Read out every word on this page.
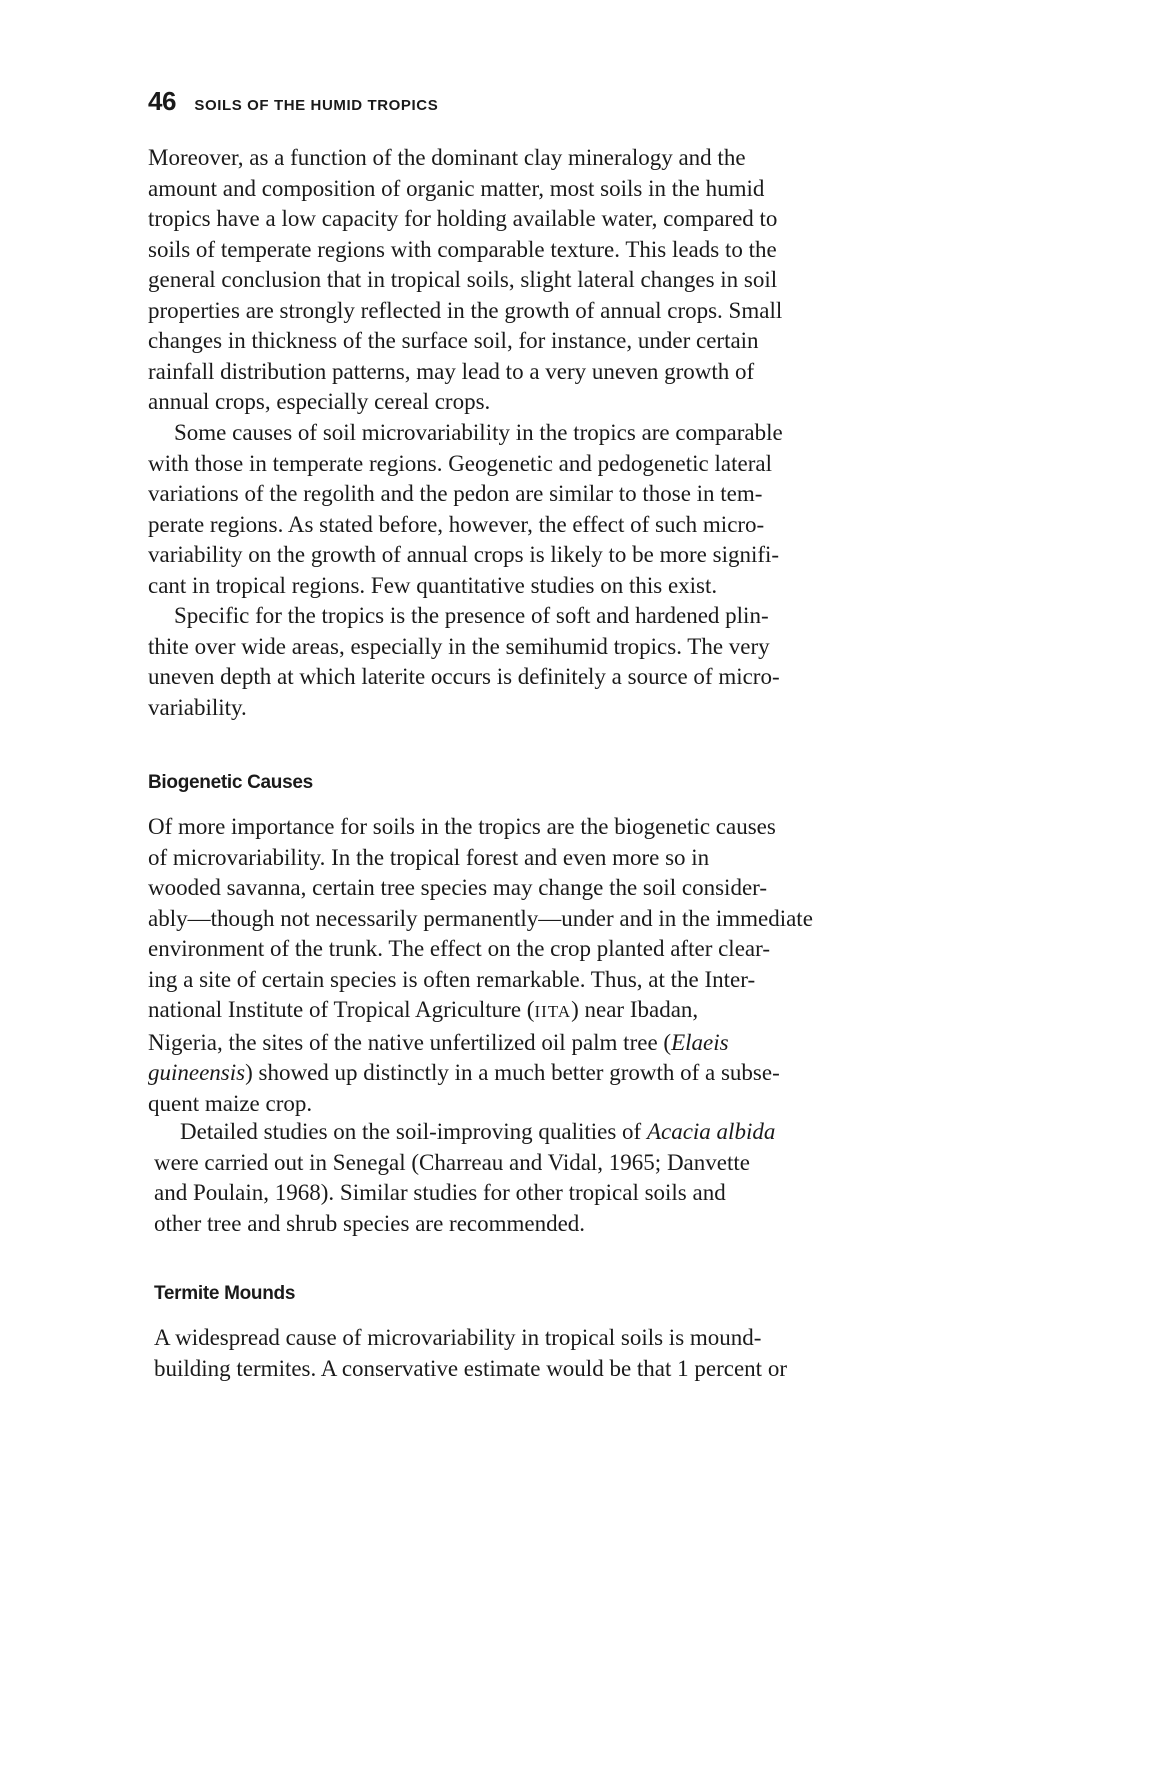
46 SOILS OF THE HUMID TROPICS
Moreover, as a function of the dominant clay mineralogy and the
amount and composition of organic matter, most soils in the humid
tropics have a low capacity for holding available water, compared to
soils of temperate regions with comparable texture. This leads to the
general conclusion that in tropical soils, slight lateral changes in soil
properties are strongly reflected in the growth of annual crops. Small
changes in thickness of the surface soil, for instance, under certain
rainfall distribution patterns, may lead to a very uneven growth of
annual crops, especially cereal crops.
Some causes of soil microvariability in the tropics are comparable
with those in temperate regions. Geogenetic and pedogenetic lateral
variations of the regolith and the pedon are similar to those in tem-
perate regions. As stated before, however, the effect of such micro-
variability on the growth of annual crops is likely to be more signifi-
cant in tropical regions. Few quantitative studies on this exist.
Specific for the tropics is the presence of soft and hardened plin-
thite over wide areas, especially in the semihumid tropics. The very
uneven depth at which laterite occurs is definitely a source of micro-
variability.
Biogenetic Causes
Of more importance for soils in the tropics are the biogenetic causes
of microvariability. In the tropical forest and even more so in
wooded savanna, certain tree species may change the soil consider-
ably—though not necessarily permanently—under and in the immediate
environment of the trunk. The effect on the crop planted after clear-
ing a site of certain species is often remarkable. Thus, at the Inter-
national Institute of Tropical Agriculture (IITA) near Ibadan,
Nigeria, the sites of the native unfertilized oil palm tree (Elaeis
guineensis) showed up distinctly in a much better growth of a subse-
quent maize crop.
Detailed studies on the soil-improving qualities of Acacia albida
were carried out in Senegal (Charreau and Vidal, 1965; Danvette
and Poulain, 1968). Similar studies for other tropical soils and
other tree and shrub species are recommended.
Termite Mounds
A widespread cause of microvariability in tropical soils is mound-
building termites. A conservative estimate would be that 1 percent or
